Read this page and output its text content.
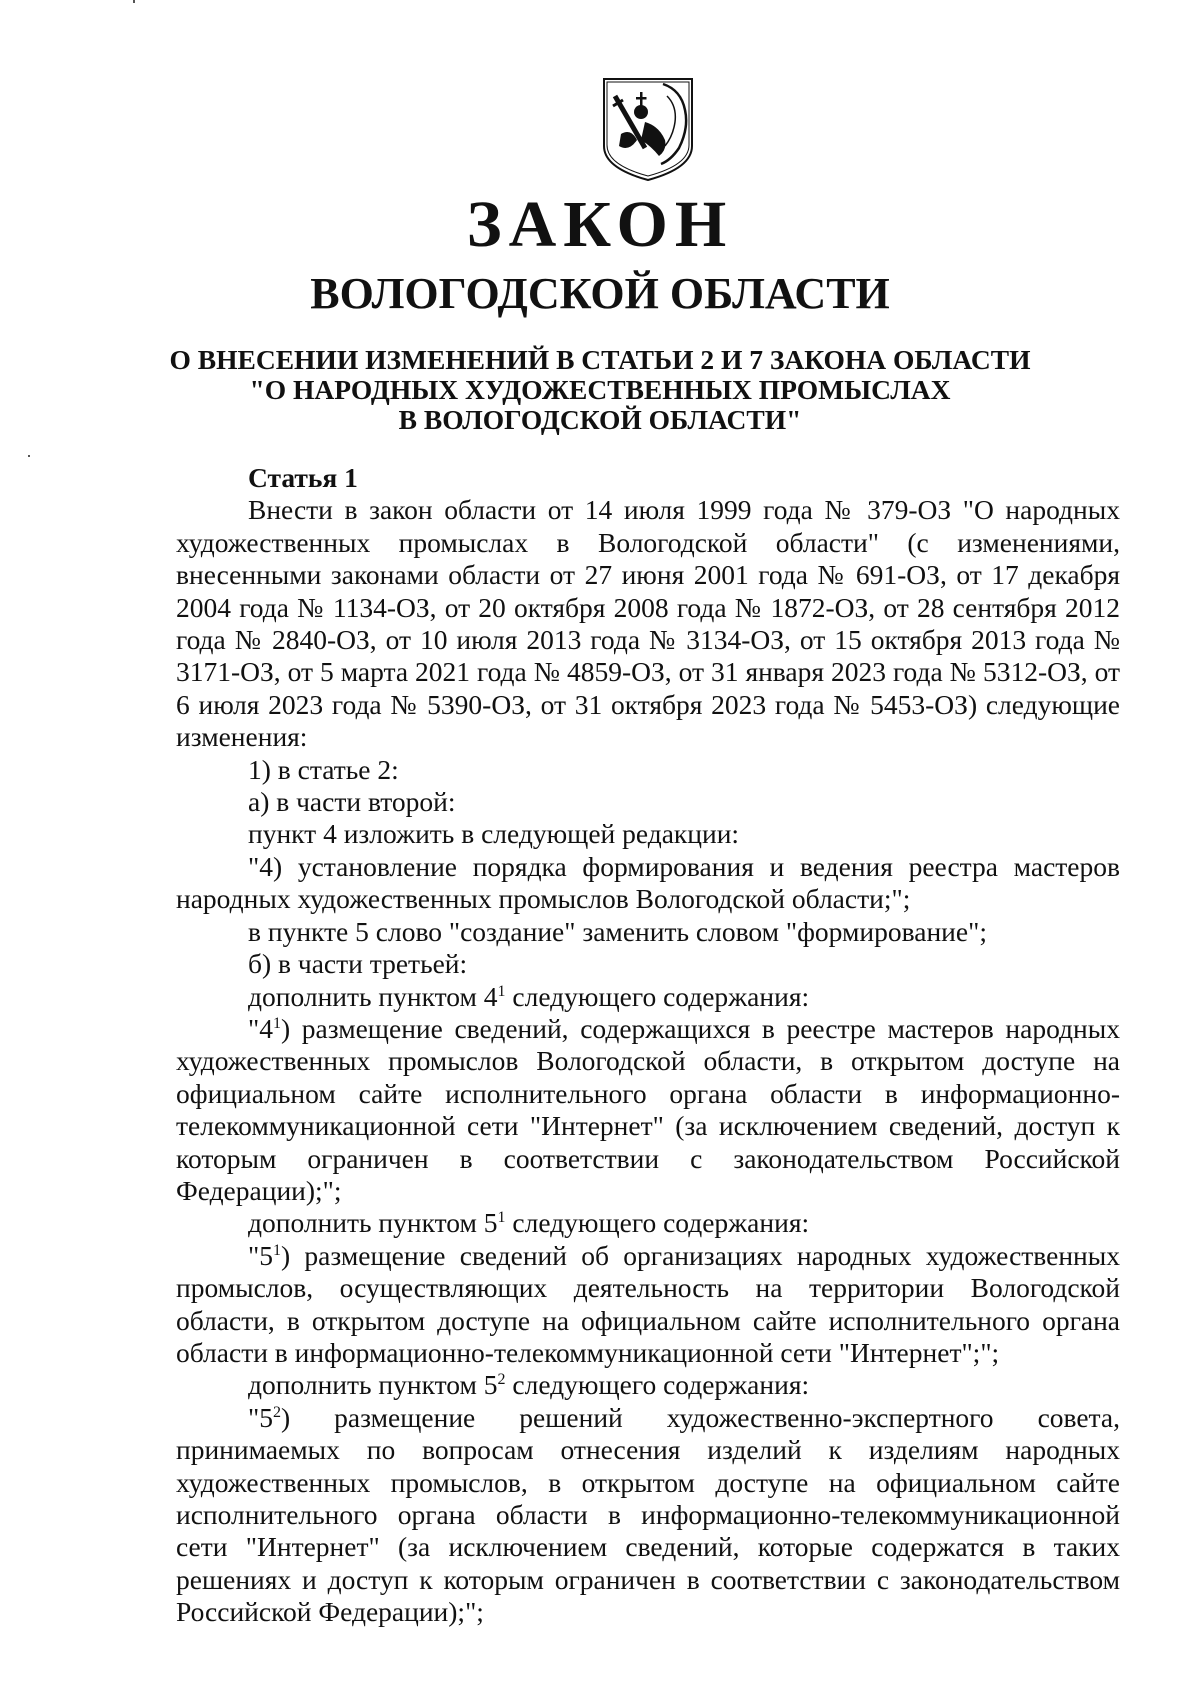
ЗАКОН
ВОЛОГОДСКОЙ ОБЛАСТИ
О ВНЕСЕНИИ ИЗМЕНЕНИЙ В СТАТЬИ 2 И 7 ЗАКОНА ОБЛАСТИ
"О НАРОДНЫХ ХУДОЖЕСТВЕННЫХ ПРОМЫСЛАХ
В ВОЛОГОДСКОЙ ОБЛАСТИ"

Статья 1

Внести в закон области от 14 июля 1999 года № 379-ОЗ "О народных художественных промыслах в Вологодской области" (с изменениями, внесенными законами области от 27 июня 2001 года № 691-ОЗ, от 17 декабря 2004 года № 1134-ОЗ, от 20 октября 2008 года № 1872-ОЗ, от 28 сентября 2012 года № 2840-ОЗ, от 10 июля 2013 года № 3134-ОЗ, от 15 октября 2013 года № 3171-ОЗ, от 5 марта 2021 года № 4859-ОЗ, от 31 января 2023 года № 5312-ОЗ, от 6 июля 2023 года № 5390-ОЗ, от 31 октября 2023 года № 5453-ОЗ) следующие изменения:

1) в статье 2:

а) в части второй:

пункт 4 изложить в следующей редакции:

"4) установление порядка формирования и ведения реестра мастеров народных художественных промыслов Вологодской области;";

в пункте 5 слово "создание" заменить словом "формирование";

б) в части третьей:

дополнить пунктом $4^1$ следующего содержания:

"$4^1$) размещение сведений, содержащихся в реестре мастеров народных художественных промыслов Вологодской области, в открытом доступе на официальном сайте исполнительного органа области в информационно-телекоммуникационной сети "Интернет" (за исключением сведений, доступ к которым ограничен в соответствии с законодательством Российской Федерации);";

дополнить пунктом $5^1$ следующего содержания:

"$5^1$) размещение сведений об организациях народных художественных промыслов, осуществляющих деятельность на территории Вологодской области, в открытом доступе на официальном сайте исполнительного органа области в информационно-телекоммуникационной сети "Интернет";";

дополнить пунктом $5^2$ следующего содержания:

"$5^2$) размещение решений художественно-экспертного совета, принимаемых по вопросам отнесения изделий к изделиям народных художественных промыслов, в открытом доступе на официальном сайте исполнительного органа области в информационно-телекоммуникационной сети "Интернет" (за исключением сведений, которые содержатся в таких решениях и доступ к которым ограничен в соответствии с законодательством Российской Федерации);";
